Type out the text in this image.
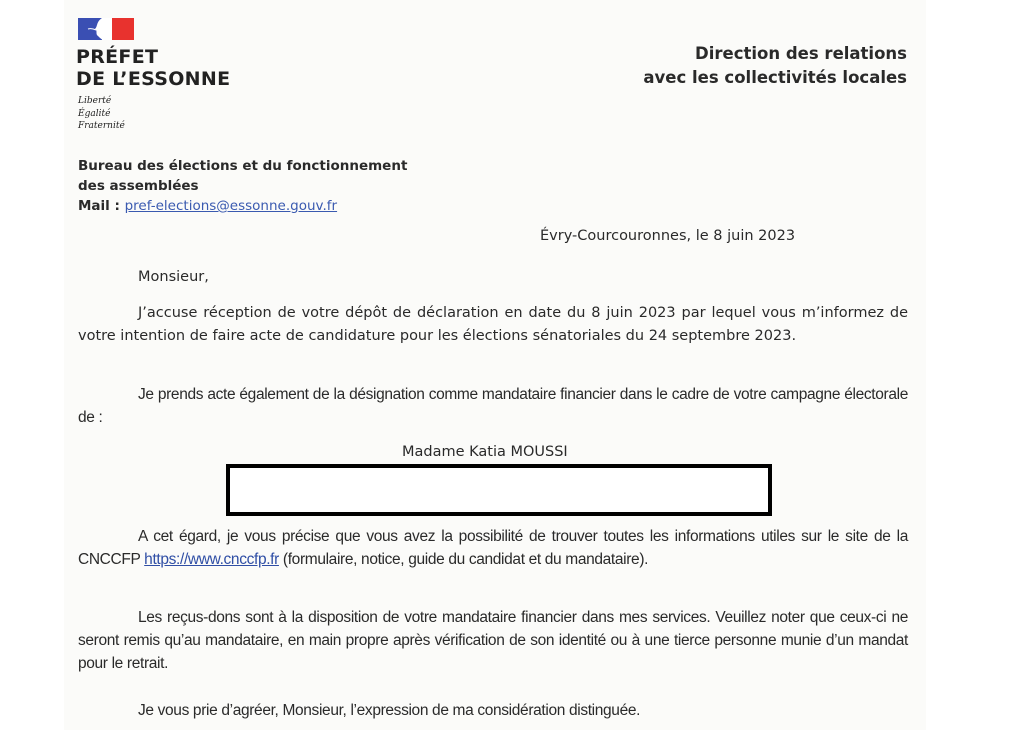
PRÉFET
DE L’ESSONNE
Liberté
Égalité
Fraternité
Direction des relations
avec les collectivités locales
Bureau des élections et du fonctionnement
des assemblées
Mail : pref-elections@essonne.gouv.fr
Évry-Courcouronnes, le 8 juin 2023
Monsieur,
J’accuse réception de votre dépôt de déclaration en date du 8 juin 2023 par lequel vous m’informez de votre intention de faire acte de candidature pour les élections sénatoriales du 24 septembre 2023.
Je prends acte également de la désignation comme mandataire financier dans le cadre de votre campagne électorale de :
Madame Katia MOUSSI
A cet égard, je vous précise que vous avez la possibilité de trouver toutes les informations utiles sur le site de la CNCCFP https://www.cnccfp.fr (formulaire, notice, guide du candidat et du mandataire).
Les reçus-dons sont à la disposition de votre mandataire financier dans mes services. Veuillez noter que ceux-ci ne seront remis qu’au mandataire, en main propre après vérification de son identité ou à une tierce personne munie d’un mandat pour le retrait.
Je vous prie d’agréer, Monsieur, l’expression de ma considération distinguée.
